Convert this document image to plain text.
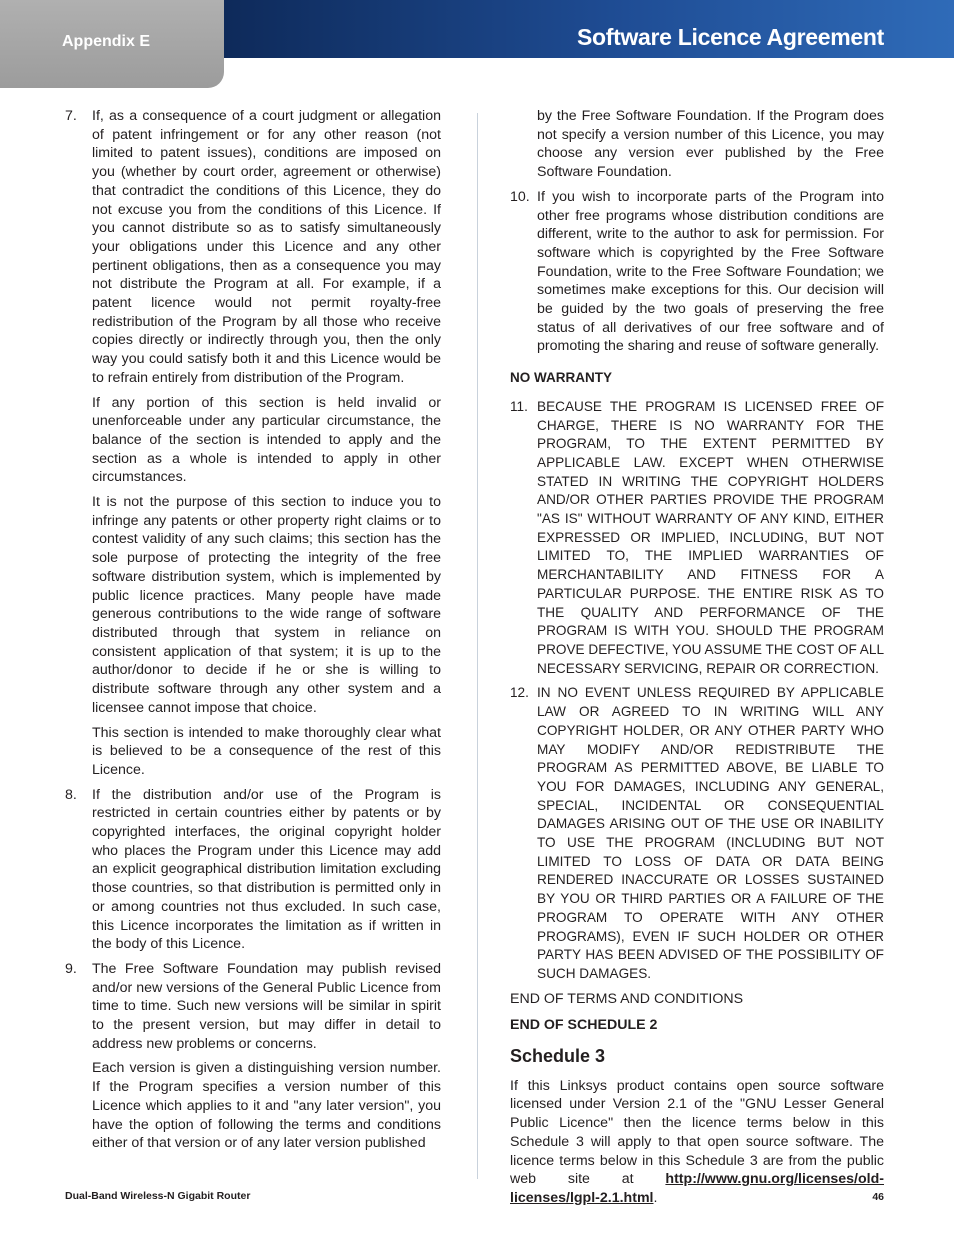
Appendix E	Software Licence Agreement
7. If, as a consequence of a court judgment or allegation of patent infringement or for any other reason (not limited to patent issues), conditions are imposed on you (whether by court order, agreement or otherwise) that contradict the conditions of this Licence, they do not excuse you from the conditions of this Licence. If you cannot distribute so as to satisfy simultaneously your obligations under this Licence and any other pertinent obligations, then as a consequence you may not distribute the Program at all. For example, if a patent licence would not permit royalty-free redistribution of the Program by all those who receive copies directly or indirectly through you, then the only way you could satisfy both it and this Licence would be to refrain entirely from distribution of the Program.
If any portion of this section is held invalid or unenforceable under any particular circumstance, the balance of the section is intended to apply and the section as a whole is intended to apply in other circumstances.
It is not the purpose of this section to induce you to infringe any patents or other property right claims or to contest validity of any such claims; this section has the sole purpose of protecting the integrity of the free software distribution system, which is implemented by public licence practices. Many people have made generous contributions to the wide range of software distributed through that system in reliance on consistent application of that system; it is up to the author/donor to decide if he or she is willing to distribute software through any other system and a licensee cannot impose that choice.
This section is intended to make thoroughly clear what is believed to be a consequence of the rest of this Licence.
8. If the distribution and/or use of the Program is restricted in certain countries either by patents or by copyrighted interfaces, the original copyright holder who places the Program under this Licence may add an explicit geographical distribution limitation excluding those countries, so that distribution is permitted only in or among countries not thus excluded. In such case, this Licence incorporates the limitation as if written in the body of this Licence.
9. The Free Software Foundation may publish revised and/or new versions of the General Public Licence from time to time. Such new versions will be similar in spirit to the present version, but may differ in detail to address new problems or concerns.
Each version is given a distinguishing version number. If the Program specifies a version number of this Licence which applies to it and "any later version", you have the option of following the terms and conditions either of that version or of any later version published
by the Free Software Foundation. If the Program does not specify a version number of this Licence, you may choose any version ever published by the Free Software Foundation.
10. If you wish to incorporate parts of the Program into other free programs whose distribution conditions are different, write to the author to ask for permission. For software which is copyrighted by the Free Software Foundation, write to the Free Software Foundation; we sometimes make exceptions for this. Our decision will be guided by the two goals of preserving the free status of all derivatives of our free software and of promoting the sharing and reuse of software generally.
NO WARRANTY
11. BECAUSE THE PROGRAM IS LICENSED FREE OF CHARGE, THERE IS NO WARRANTY FOR THE PROGRAM, TO THE EXTENT PERMITTED BY APPLICABLE LAW. EXCEPT WHEN OTHERWISE STATED IN WRITING THE COPYRIGHT HOLDERS AND/OR OTHER PARTIES PROVIDE THE PROGRAM "AS IS" WITHOUT WARRANTY OF ANY KIND, EITHER EXPRESSED OR IMPLIED, INCLUDING, BUT NOT LIMITED TO, THE IMPLIED WARRANTIES OF MERCHANTABILITY AND FITNESS FOR A PARTICULAR PURPOSE. THE ENTIRE RISK AS TO THE QUALITY AND PERFORMANCE OF THE PROGRAM IS WITH YOU. SHOULD THE PROGRAM PROVE DEFECTIVE, YOU ASSUME THE COST OF ALL NECESSARY SERVICING, REPAIR OR CORRECTION.
12. IN NO EVENT UNLESS REQUIRED BY APPLICABLE LAW OR AGREED TO IN WRITING WILL ANY COPYRIGHT HOLDER, OR ANY OTHER PARTY WHO MAY MODIFY AND/OR REDISTRIBUTE THE PROGRAM AS PERMITTED ABOVE, BE LIABLE TO YOU FOR DAMAGES, INCLUDING ANY GENERAL, SPECIAL, INCIDENTAL OR CONSEQUENTIAL DAMAGES ARISING OUT OF THE USE OR INABILITY TO USE THE PROGRAM (INCLUDING BUT NOT LIMITED TO LOSS OF DATA OR DATA BEING RENDERED INACCURATE OR LOSSES SUSTAINED BY YOU OR THIRD PARTIES OR A FAILURE OF THE PROGRAM TO OPERATE WITH ANY OTHER PROGRAMS), EVEN IF SUCH HOLDER OR OTHER PARTY HAS BEEN ADVISED OF THE POSSIBILITY OF SUCH DAMAGES.
END OF TERMS AND CONDITIONS
END OF SCHEDULE 2
Schedule 3
If this Linksys product contains open source software licensed under Version 2.1 of the "GNU Lesser General Public Licence" then the licence terms below in this Schedule 3 will apply to that open source software. The licence terms below in this Schedule 3 are from the public web site at http://www.gnu.org/licenses/old-licenses/lgpl-2.1.html.
Dual-Band Wireless-N Gigabit Router	46
